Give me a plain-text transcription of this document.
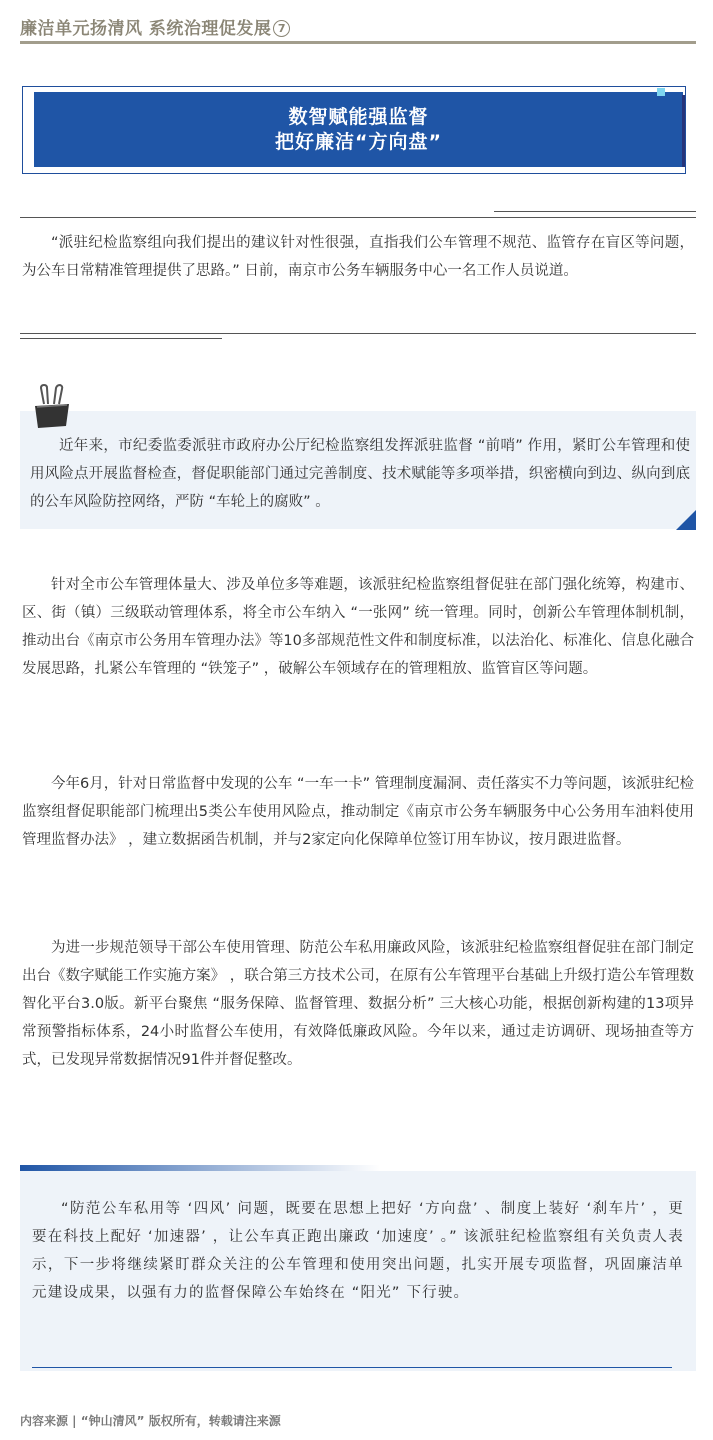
廉洁单元扬清风 系统治理促发展 7
数智赋能强监督
把好廉洁“方向盘”

“派驻纪检监察组向我们提出的建议针对性很强，直指我们公车管理不规范、监管存在盲区等问题，为公车日常精准管理提供了思路。” 日前，南京市公务车辆服务中心一名工作人员说道。

近年来，市纪委监委派驻市政府办公厅纪检监察组发挥派驻监督 “前哨” 作用，紧盯公车管理和使用风险点开展监督检查，督促职能部门通过完善制度、技术赋能等多项举措，织密横向到边、纵向到底的公车风险防控网络，严防 “车轮上的腐败” 。

针对全市公车管理体量大、涉及单位多等难题，该派驻纪检监察组督促驻在部门强化统筹，构建市、区、街（镇）三级联动管理体系，将全市公车纳入 “一张网” 统一管理。同时，创新公车管理体制机制，推动出台《南京市公务用车管理办法》等10多部规范性文件和制度标准，以法治化、标准化、信息化融合发展思路，扎紧公车管理的 “铁笼子” ，破解公车领域存在的管理粗放、监管盲区等问题。

今年6月，针对日常监督中发现的公车 “一车一卡” 管理制度漏洞、责任落实不力等问题，该派驻纪检监察组督促职能部门梳理出5类公车使用风险点，推动制定《南京市公务车辆服务中心公务用车油料使用管理监督办法》 ，建立数据函告机制，并与2家定向化保障单位签订用车协议，按月跟进监督。

为进一步规范领导干部公车使用管理、防范公车私用廉政风险，该派驻纪检监察组督促驻在部门制定出台《数字赋能工作实施方案》 ，联合第三方技术公司，在原有公车管理平台基础上升级打造公车管理数智化平台3.0版。新平台聚焦 “服务保障、监督管理、数据分析” 三大核心功能，根据创新构建的13项异常预警指标体系，24小时监督公车使用，有效降低廉政风险。今年以来，通过走访调研、现场抽查等方式，已发现异常数据情况91件并督促整改。

“防范公车私用等 ‘四风’ 问题，既要在思想上把好 ‘方向盘’ 、制度上装好 ‘刹车片’ ，更要在科技上配好 ‘加速器’ ，让公车真正跑出廉政 ‘加速度’ 。” 该派驻纪检监察组有关负责人表示，下一步将继续紧盯群众关注的公车管理和使用突出问题，扎实开展专项监督，巩固廉洁单元建设成果，以强有力的监督保障公车始终在 “阳光” 下行驶。

内容来源 | “钟山清风” 版权所有，转载请注来源
